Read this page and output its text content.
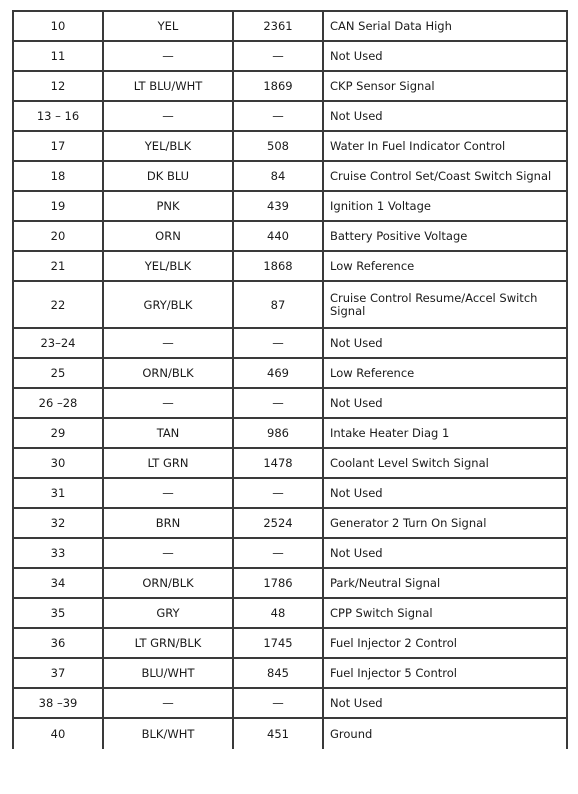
10	YEL	2361	CAN Serial Data High
11	—	—	Not Used
12	LT BLU/WHT	1869	CKP Sensor Signal
13 – 16	—	—	Not Used
17	YEL/BLK	508	Water In Fuel Indicator Control
18	DK BLU	84	Cruise Control Set/Coast Switch Signal
19	PNK	439	Ignition 1 Voltage
20	ORN	440	Battery Positive Voltage
21	YEL/BLK	1868	Low Reference
22	GRY/BLK	87	Cruise Control Resume/Accel Switch Signal
23–24	—	—	Not Used
25	ORN/BLK	469	Low Reference
26 –28	—	—	Not Used
29	TAN	986	Intake Heater Diag 1
30	LT GRN	1478	Coolant Level Switch Signal
31	—	—	Not Used
32	BRN	2524	Generator 2 Turn On Signal
33	—	—	Not Used
34	ORN/BLK	1786	Park/Neutral Signal
35	GRY	48	CPP Switch Signal
36	LT GRN/BLK	1745	Fuel Injector 2 Control
37	BLU/WHT	845	Fuel Injector 5 Control
38 –39	—	—	Not Used
40	BLK/WHT	451	Ground
